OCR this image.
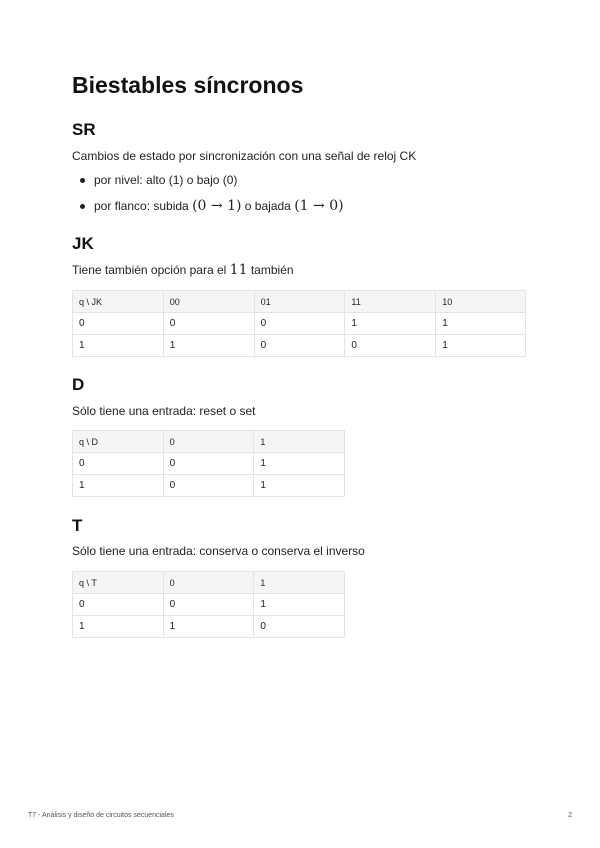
Biestables síncronos
SR

Cambios de estado por sincronización con una señal de reloj CK

por nivel: alto (1) o bajo (0)
por flanco: subida (0 → 1) o bajada (1 → 0)
JK

Tiene también opción para el 11 también

q \ JK	00	01	11	10
0	0	0	1	1
1	1	0	0	1
D

Sólo tiene una entrada: reset o set

q \ D	0	1
0	0	1
1	0	1
T

Sólo tiene una entrada: conserva o conserva el inverso

q \ T	0	1
0	0	1
1	1	0
T7 - Análisis y diseño de circuitos secuenciales	2
